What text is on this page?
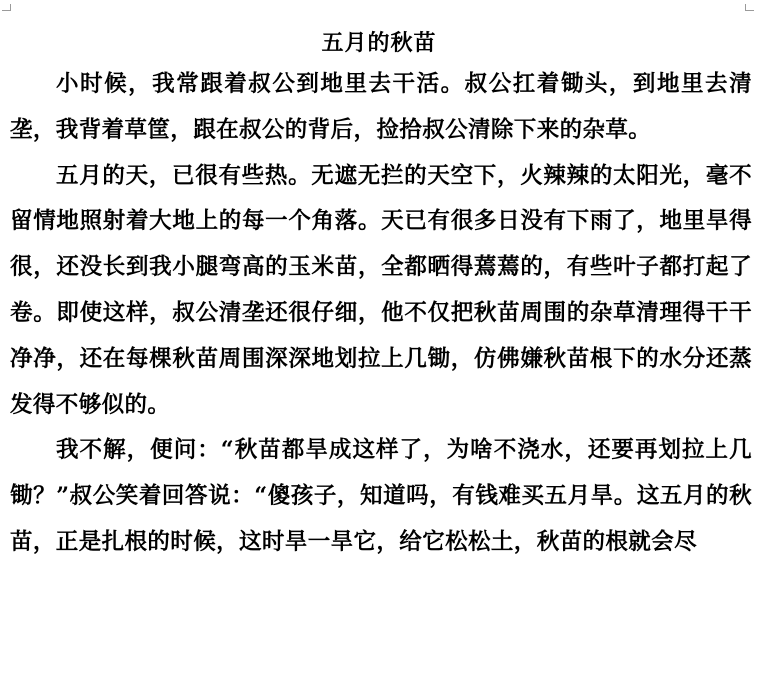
五月的秋苗

小时候，我常跟着叔公到地里去干活。叔公扛着锄头，到地里去清垄，我背着草筐，跟在叔公的背后，捡拾叔公清除下来的杂草。

五月的天，已很有些热。无遮无拦的天空下，火辣辣的太阳光，毫不留情地照射着大地上的每一个角落。天已有很多日没有下雨了，地里旱得很，还没长到我小腿弯高的玉米苗，全都晒得蔫蔫的，有些叶子都打起了卷。即使这样，叔公清垄还很仔细，他不仅把秋苗周围的杂草清理得干干净净，还在每棵秋苗周围深深地划拉上几锄，仿佛嫌秋苗根下的水分还蒸发得不够似的。

我不解，便问：“秋苗都旱成这样了，为啥不浇水，还要再划拉上几锄？”叔公笑着回答说：“傻孩子，知道吗，有钱难买五月旱。这五月的秋苗，正是扎根的时候，这时旱一旱它，给它松松土，秋苗的根就会尽
